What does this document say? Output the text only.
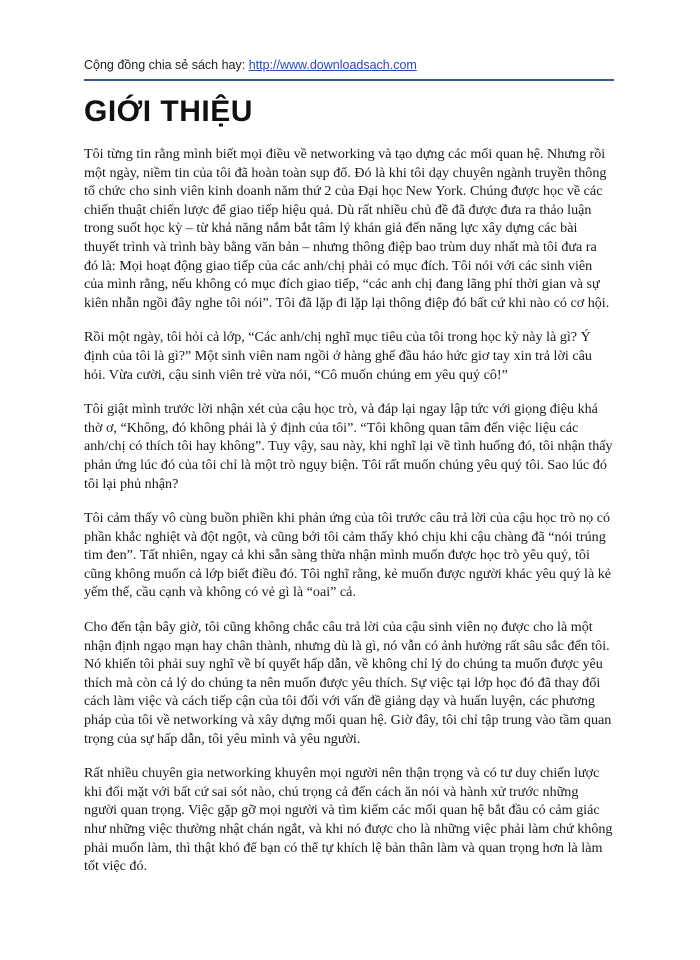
Cộng đồng chia sẻ sách hay: http://www.downloadsach.com
GIỚI THIỆU

Tôi từng tin rằng mình biết mọi điều về networking và tạo dựng các mối quan hệ. Nhưng rồi một ngày, niềm tin của tôi đã hoàn toàn sụp đổ. Đó là khi tôi dạy chuyên ngành truyền thông tổ chức cho sinh viên kinh doanh năm thứ 2 của Đại học New York. Chúng được học về các chiến thuật chiến lược để giao tiếp hiệu quả. Dù rất nhiều chủ đề đã được đưa ra thảo luận trong suốt học kỳ – từ khả năng nắm bắt tâm lý khán giả đến năng lực xây dựng các bài thuyết trình và trình bày bằng văn bản – nhưng thông điệp bao trùm duy nhất mà tôi đưa ra đó là: Mọi hoạt động giao tiếp của các anh/chị phải có mục đích. Tôi nói với các sinh viên của mình rằng, nếu không có mục đích giao tiếp, “các anh chị đang lãng phí thời gian và sự kiên nhẫn ngồi đây nghe tôi nói”. Tôi đã lặp đi lặp lại thông điệp đó bất cứ khi nào có cơ hội.

Rồi một ngày, tôi hỏi cả lớp, “Các anh/chị nghĩ mục tiêu của tôi trong học kỳ này là gì? Ý định của tôi là gì?” Một sinh viên nam ngồi ở hàng ghế đầu háo hức giơ tay xin trả lời câu hỏi. Vừa cười, cậu sinh viên trẻ vừa nói, “Cô muốn chúng em yêu quý cô!”

Tôi giật mình trước lời nhận xét của cậu học trò, và đáp lại ngay lập tức với giọng điệu khá thờ ơ, “Không, đó không phải là ý định của tôi”. “Tôi không quan tâm đến việc liệu các anh/chị có thích tôi hay không”. Tuy vậy, sau này, khi nghĩ lại về tình huống đó, tôi nhận thấy phản ứng lúc đó của tôi chỉ là một trò ngụy biện. Tôi rất muốn chúng yêu quý tôi. Sao lúc đó tôi lại phủ nhận?

Tôi cảm thấy vô cùng buồn phiền khi phản ứng của tôi trước câu trả lời của cậu học trò nọ có phần khắc nghiệt và đột ngột, và cũng bởi tôi cảm thấy khó chịu khi cậu chàng đã “nói trúng tim đen”. Tất nhiên, ngay cả khi sẵn sàng thừa nhận mình muốn được học trò yêu quý, tôi cũng không muốn cả lớp biết điều đó. Tôi nghĩ rằng, kẻ muốn được người khác yêu quý là kẻ yếm thế, cầu cạnh và không có vẻ gì là “oai” cả.

Cho đến tận bây giờ, tôi cũng không chắc câu trả lời của cậu sinh viên nọ được cho là một nhận định ngạo mạn hay chân thành, nhưng dù là gì, nó vẫn có ảnh hưởng rất sâu sắc đến tôi. Nó khiến tôi phải suy nghĩ về bí quyết hấp dẫn, về không chỉ lý do chúng ta muốn được yêu thích mà còn cả lý do chúng ta nên muốn được yêu thích. Sự việc tại lớp học đó đã thay đổi cách làm việc và cách tiếp cận của tôi đối với vấn đề giảng dạy và huấn luyện, các phương pháp của tôi về networking và xây dựng mối quan hệ. Giờ đây, tôi chỉ tập trung vào tầm quan trọng của sự hấp dẫn, tôi yêu mình và yêu người.

Rất nhiều chuyên gia networking khuyên mọi người nên thận trọng và có tư duy chiến lược khi đối mặt với bất cứ sai sót nào, chú trọng cả đến cách ăn nói và hành xử trước những người quan trọng. Việc gặp gỡ mọi người và tìm kiếm các mối quan hệ bắt đầu có cảm giác như những việc thường nhật chán ngắt, và khi nó được cho là những việc phải làm chứ không phải muốn làm, thì thật khó để bạn có thể tự khích lệ bản thân làm và quan trọng hơn là làm tốt việc đó.
